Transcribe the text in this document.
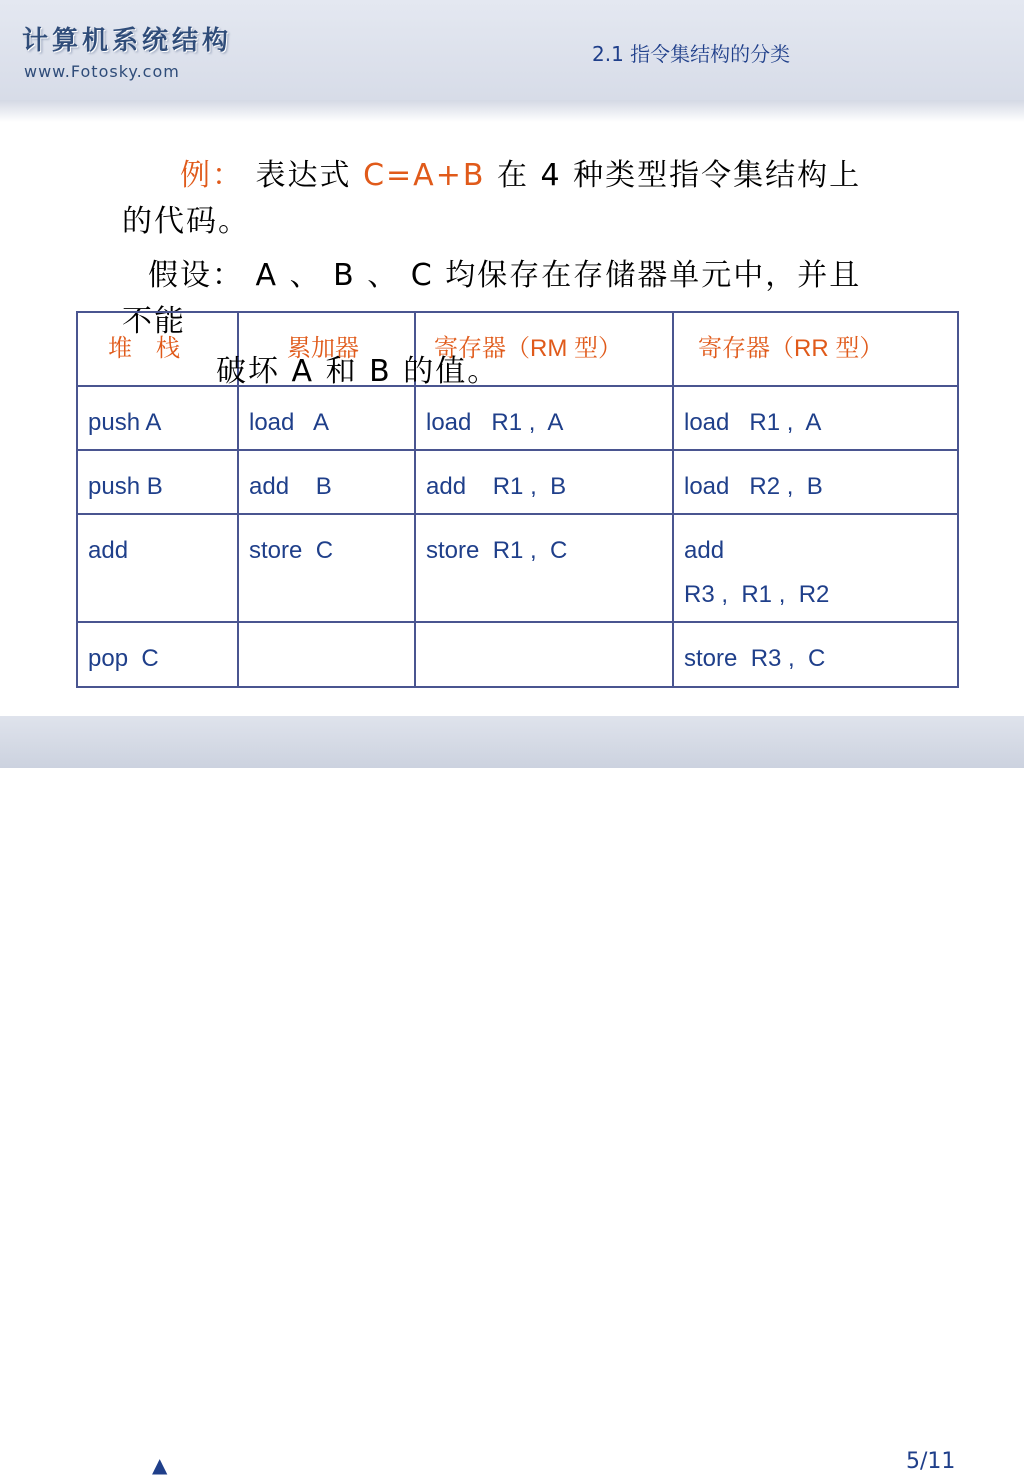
计算机系统结构
www.Fotosky.com
2.1 指令集结构的分类
例： 表达式 C=A+B 在 4 种类型指令集结构上
的代码。
假设： A 、 B 、 C 均保存在存储器单元中，并且
不能
堆　栈	累加器	寄存器（RM 型）	寄存器（RR 型）
push A	load   A	load   R1 ,  A	load   R1 ,  A
push B	add    B	add    R1 ,  B	load   R2 ,  B
add	store  C	store  R1 ,  C	add
R3 ,  R1 ,  R2
pop  C			store  R3 ,  C
破坏 A 和 B 的值。
▲	5/11
